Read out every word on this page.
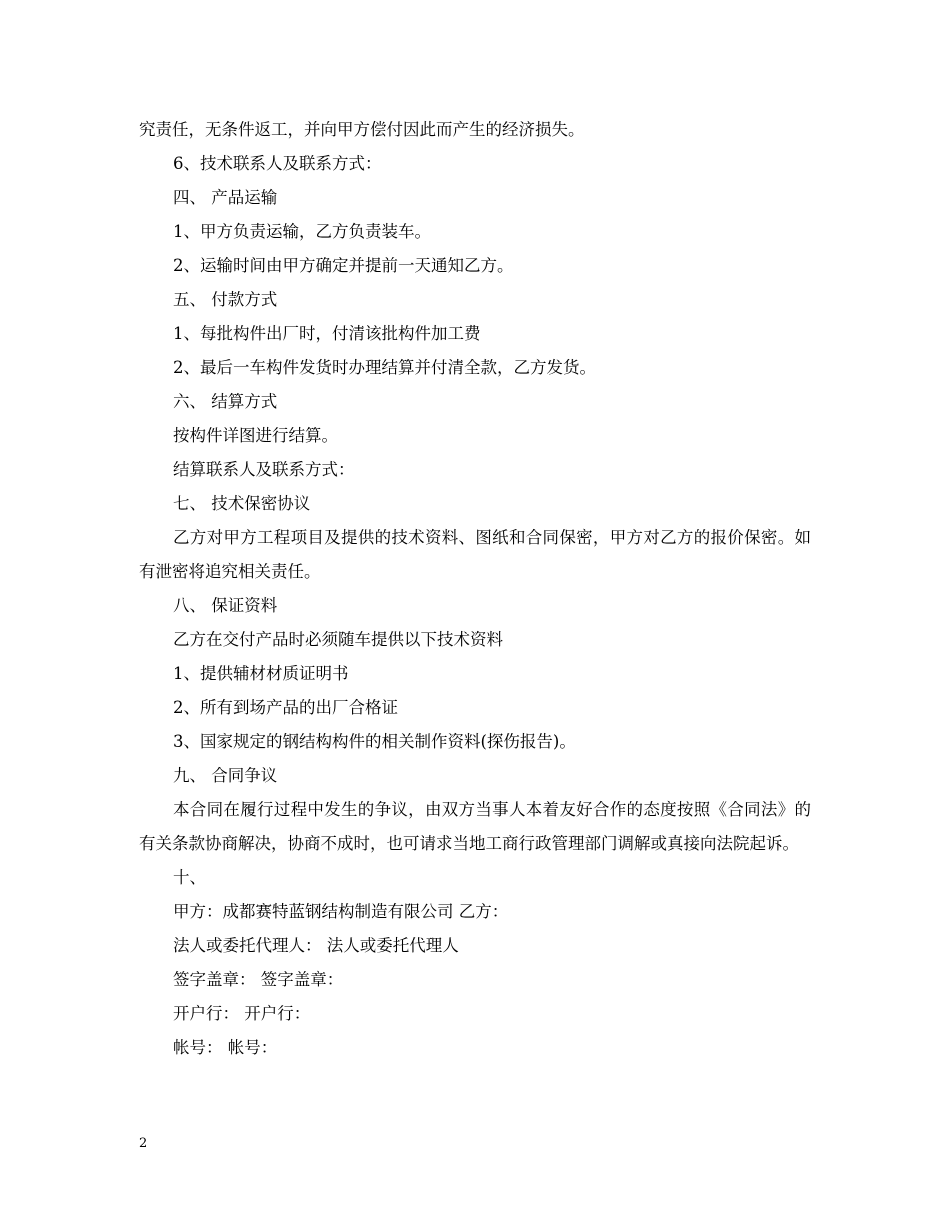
究责任，无条件返工，并向甲方偿付因此而产生的经济损失。
6、技术联系人及联系方式：
四、 产品运输
1、甲方负责运输，乙方负责装车。
2、运输时间由甲方确定并提前一天通知乙方。
五、 付款方式
1、每批构件出厂时，付清该批构件加工费
2、最后一车构件发货时办理结算并付清全款，乙方发货。
六、 结算方式
按构件详图进行结算。
结算联系人及联系方式：
七、 技术保密协议
乙方对甲方工程项目及提供的技术资料、图纸和合同保密，甲方对乙方的报价保密。如有泄密将追究相关责任。
八、 保证资料
乙方在交付产品时必须随车提供以下技术资料
1、提供辅材材质证明书
2、所有到场产品的出厂合格证
3、国家规定的钢结构构件的相关制作资料(探伤报告)。
九、 合同争议
本合同在履行过程中发生的争议，由双方当事人本着友好合作的态度按照《合同法》的有关条款协商解决，协商不成时，也可请求当地工商行政管理部门调解或真接向法院起诉。
十、
甲方：成都赛特蓝钢结构制造有限公司 乙方：
法人或委托代理人： 法人或委托代理人
签字盖章： 签字盖章：
开户行： 开户行：
帐号： 帐号：
2
